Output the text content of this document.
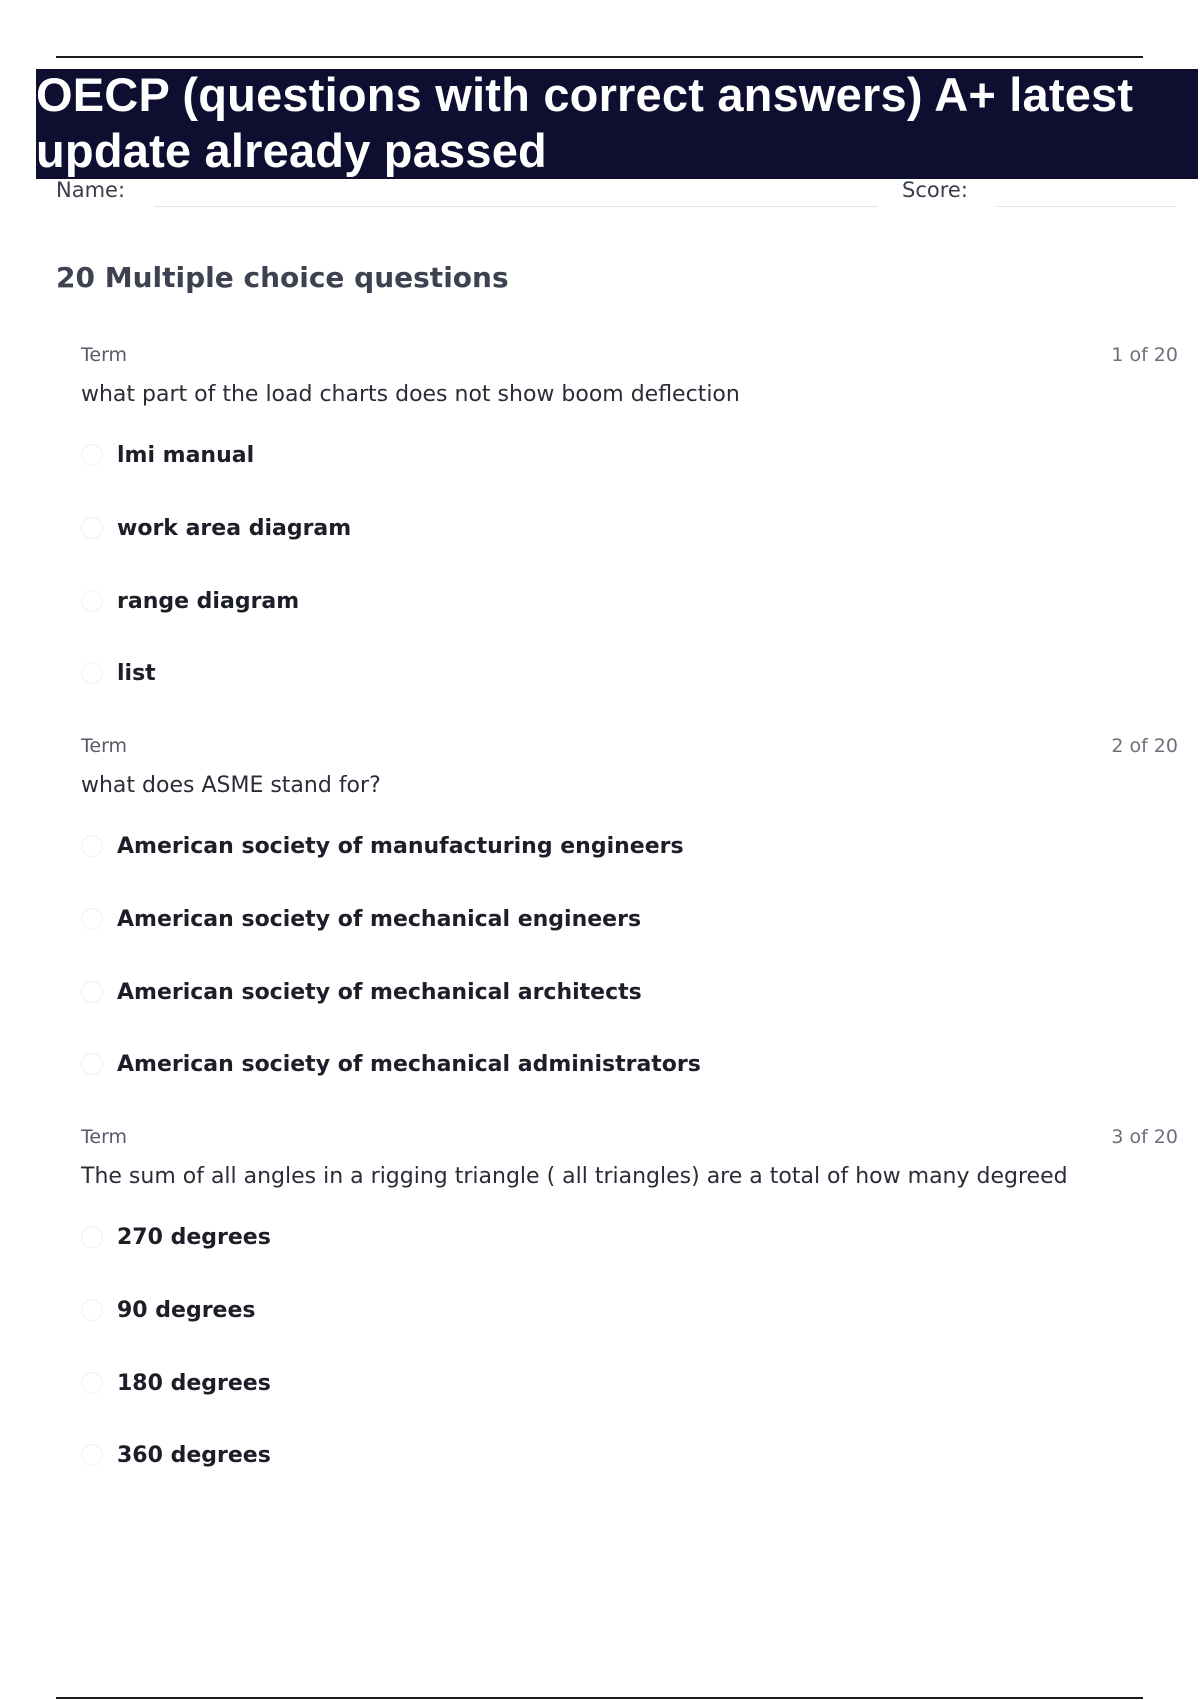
OECP (questions with correct answers) A+ latest update already passed
Name:	Score:
20 Multiple choice questions
Term	1 of 20
what part of the load charts does not show boom deflection
lmi manual
work area diagram
range diagram
list
Term	2 of 20
what does ASME stand for?
American society of manufacturing engineers
American society of mechanical engineers
American society of mechanical architects
American society of mechanical administrators
Term	3 of 20
The sum of all angles in a rigging triangle ( all triangles) are a total of how many degreed
270 degrees
90 degrees
180 degrees
360 degrees
